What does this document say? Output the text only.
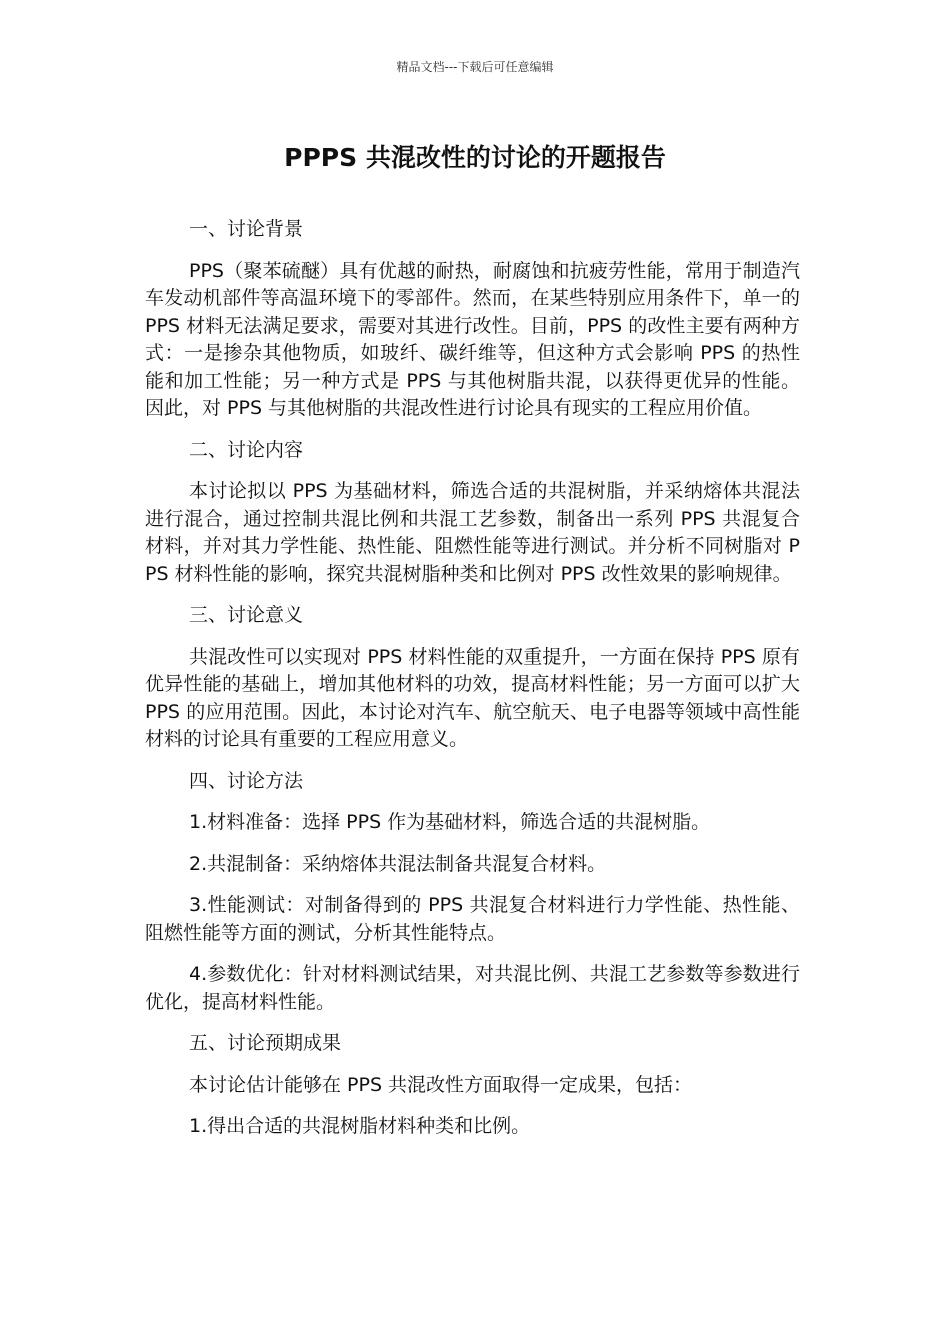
精品文档---下载后可任意编辑
PPPS 共混改性的讨论的开题报告

一、讨论背景

PPS（聚苯硫醚）具有优越的耐热，耐腐蚀和抗疲劳性能，常用于制造汽车发动机部件等高温环境下的零部件。然而，在某些特别应用条件下，单一的 PPS 材料无法满足要求，需要对其进行改性。目前，PPS 的改性主要有两种方式：一是掺杂其他物质，如玻纤、碳纤维等，但这种方式会影响 PPS 的热性能和加工性能；另一种方式是 PPS 与其他树脂共混，以获得更优异的性能。因此，对 PPS 与其他树脂的共混改性进行讨论具有现实的工程应用价值。

二、讨论内容

本讨论拟以 PPS 为基础材料，筛选合适的共混树脂，并采纳熔体共混法进行混合，通过控制共混比例和共混工艺参数，制备出一系列 PPS 共混复合材料，并对其力学性能、热性能、阻燃性能等进行测试。并分析不同树脂对 PPS 材料性能的影响，探究共混树脂种类和比例对 PPS 改性效果的影响规律。

三、讨论意义

共混改性可以实现对 PPS 材料性能的双重提升，一方面在保持 PPS 原有优异性能的基础上，增加其他材料的功效，提高材料性能；另一方面可以扩大 PPS 的应用范围。因此，本讨论对汽车、航空航天、电子电器等领域中高性能材料的讨论具有重要的工程应用意义。

四、讨论方法

1.材料准备：选择 PPS 作为基础材料，筛选合适的共混树脂。

2.共混制备：采纳熔体共混法制备共混复合材料。

3.性能测试：对制备得到的 PPS 共混复合材料进行力学性能、热性能、阻燃性能等方面的测试，分析其性能特点。

4.参数优化：针对材料测试结果，对共混比例、共混工艺参数等参数进行优化，提高材料性能。

五、讨论预期成果

本讨论估计能够在 PPS 共混改性方面取得一定成果，包括：

1.得出合适的共混树脂材料种类和比例。
